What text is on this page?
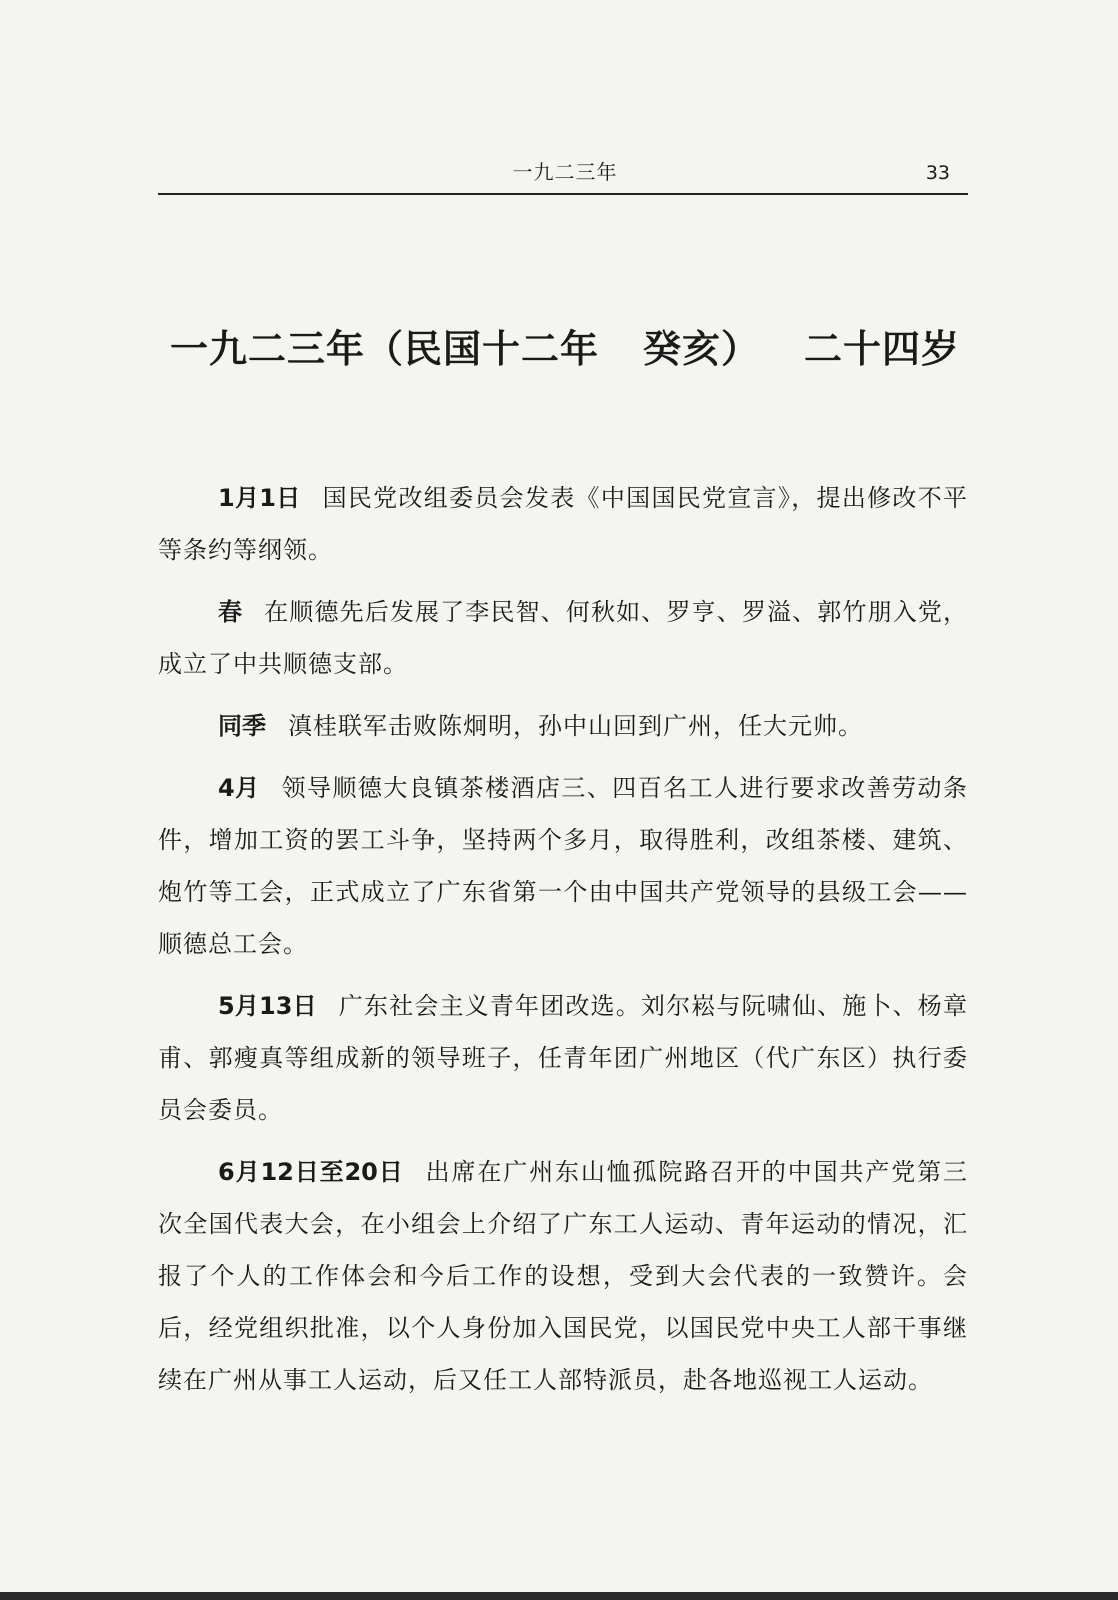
一九二三年	33
一九二三年（民国十二年 癸亥） 二十四岁

1月1日 国民党改组委员会发表《中国国民党宣言》，提出修改不平等条约等纲领。

春 在顺德先后发展了李民智、何秋如、罗亨、罗溢、郭竹朋入党，成立了中共顺德支部。

同季 滇桂联军击败陈炯明，孙中山回到广州，任大元帅。

4月 领导顺德大良镇茶楼酒店三、四百名工人进行要求改善劳动条件，增加工资的罢工斗争，坚持两个多月，取得胜利，改组茶楼、建筑、炮竹等工会，正式成立了广东省第一个由中国共产党领导的县级工会——顺德总工会。

5月13日 广东社会主义青年团改选。刘尔崧与阮啸仙、施卜、杨章甫、郭瘦真等组成新的领导班子，任青年团广州地区（代广东区）执行委员会委员。

6月12日至20日 出席在广州东山恤孤院路召开的中国共产党第三次全国代表大会，在小组会上介绍了广东工人运动、青年运动的情况，汇报了个人的工作体会和今后工作的设想，受到大会代表的一致赞许。会后，经党组织批准，以个人身份加入国民党，以国民党中央工人部干事继续在广州从事工人运动，后又任工人部特派员，赴各地巡视工人运动。
